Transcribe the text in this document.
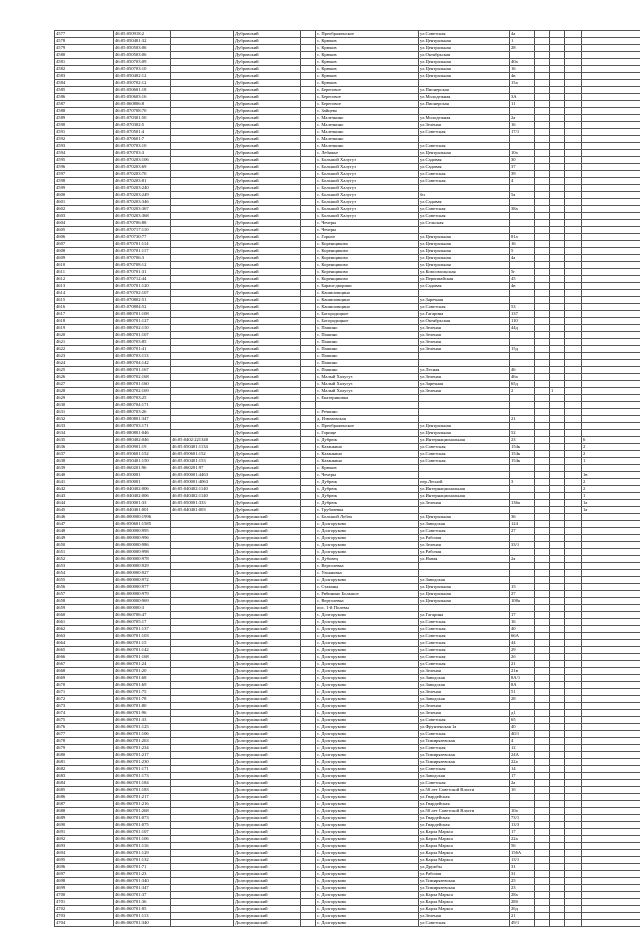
4577	46:05:050918:2		Дубровский		с. Преображенское	ул.Советская	4а				
4578	46:05:050401:32		Дубровский		с. Крюков	ул.Центральная	1				
4579	46:05:050503:06		Дубровский		с. Крюков	ул.Центральная	28				
4580	46:05:050503:06		Дубровский		с. Крюков	ул.Октябрьская					
4581	46:05:050703:09		Дубровский		с. Крюков	ул.Центральная	40а				
4582	46:05:050703:10		Дубровский		с. Крюков	ул.Центральная	16				
4583	46:05:050402:12		Дубровский		с. Крюков	ул.Центральная	4в				
4584	46:05:050702:12		Дубровский		с. Крюков		15а				
4585	46:05:050601:18		Дубровский		с. Береговое	ул.Пионерская					
4586	46:05:050603:16		Дубровский		с. Береговое	ул.Молодежная	3А				
4587	46:05:060806:8		Дубровский		с. Береговое	ул.Пионерская	11				
4588	46:05:070708:70		Дубровский		с. Зайцево						
4589	46:05:070301:50		Дубровский		с. Малечкино	ул.Молодежная	2а				
4590	46:05:070302:5		Дубровский		с. Малечкино	ул.Зеленая	16				
4591	46:05:070501:4		Дубровский		с. Малечкино	ул.Советская	17/1				
4592	46:05:070601:7		Дубровский		с. Малечкино						
4593	46:05:070703:10		Дубровский		с. Малечкино	ул.Советская					
4594	46:05:070703:3		Дубровский		с. Лебяжье	ул.Центральная	10а				
4595	46:05:070203:106		Дубровский		с. Большой Халугуз	ул.Садовая	30				
4596	46:05:070203:69		Дубровский		с. Большой Халугуз	ул.Садовая	37				
4597	46:05:070203:70		Дубровский		с. Большой Халугуз	ул.Советская	39				
4598	46:05:070203:81		Дубровский		с. Большой Халугуз	ул.Советская	4				
4599	46:05:070203:240		Дубровский		с. Большой Халугуз						
4600	46:05:070203:249		Дубровский		с. Большой Халугуз	бп	5а				
4601	46:05:070203:346		Дубровский		с. Большой Халугуз	ул.Садовая					
4602	46:05:070203:367		Дубровский		с. Большой Халугуз	ул.Советская	38а				
4603	46:05:070203:368		Дубровский		с. Большой Халугуз	ул.Советская					
4604	46:05:070706:88		Дубровский		с. Чечеры	ул.Сельская					
4605	46:05:070717:110		Дубровский		с. Чечеры						
4606	46:05:070730:77		Дубровский		с. Горное	ул.Центральная	81а				
4607	46:05:070701:114		Дубровский		с. Коренщиково	ул.Центральная	16				
4608	46:05:070701:117		Дубровский		с. Коренщиково	ул.Центральная	5				
4609	46:05:070706:3		Дубровский		с. Коренщиково	ул.Центральная	4а				
4610	46:05:070708:12		Дубровский		с. Коренщиково	ул.Центральная					
4611	46:05:070701:31		Дубровский		с. Коренщиково	ул.Комсомольская	5г				
4612	46:05:070712:44		Дубровский		с. Коренщиково	ул.Первомайская	45				
4613	46:05:070701:120		Дубровский		с. Бараш-дворики	ул.Садовая	4в				
4614	46:05:070702:107		Дубровский		с. Кашиповщино						
4615	46:05:070802:51		Дубровский		с. Кашиповщино	ул.Заречная					
4616	46:05:070804:52		Дубровский		с. Кашиповщино	ул.Советская	53				
4617	46:05:080701:108		Дубровский		с. Богородицкое	ул.Гагарина	137				
4618	46:05:080701:127		Дубровский		с. Богородицкое	ул.Октябрьская	110				
4619	46:05:080702:110		Дубровский		с. Пашино	ул.Зеленая	44д				
4620	46:05:080701:107		Дубровский		с. Пашино	ул.Зеленая					
4621	46:05:080703:85		Дубровский		с. Пашино	ул.Зеленая					
4622	46:05:080701:41		Дубровский		с. Пашино	ул.Зеленая	15д				
4623	46:05:080703:113		Дубровский		с. Пашино						
4624	46:05:080704:142		Дубровский		с. Пашино						
4625	46:05:080701:167		Дубровский		с. Пашино	ул.Лесная	46				
4626	46:05:080702:168		Дубровский		с. Малый Халугуз	ул.Зеленая	46а				
4627	46:05:080701:160		Дубровский		с. Малый Халугуз	ул.Заречная	65д				
4628	46:05:080702:169		Дубровский		с. Малый Халугуз	ул.Зеленая	2		1		
4629	46:05:080703:25		Дубровский		с. Екатериновка						
4630	46:05:080704:171		Дубровский								
4631	46:05:080703:26		Дубровский		с. Речкино						
4632	46:05:080801:347		Дубровский		д. Изюмовская		21				
4633	46:05:080703:171		Дубровский		с. Преображенское	ул.Центральная					
4634	46:05:080801:046		Дубровский		с. Горище	ул.Центральная	52				
4635	46:05:080402:046	46:05:0402:221340	Дубровский		с. Дубрюк	ул.Интернациональная	23				6
4636	46:05:050901:19	46:05:050401:1134	Дубровский		с. Казанкино	ул.Советская	154к				2
4637	46:05:050601:152	46:05:050601:152	Дубровский		с. Казанкино	ул.Советская	154к				2
4638	46:05:050401:150	46:05:050401:153	Дубровский		с. Казанкино	ул.Советская	154к				1
4639	46:05:060201:96	46:05:060201:97	Дубровский		с. Крюков						
4640	46:05:050001	46:05:050001:4463	Дубровский		с. Чечеры						1в
4641	46:05:050001	46:05:050001:4063	Дубровский		с. Дубрюк	пер.Лесной	3				2
4642	46:05:040402:006	46:05:040402:1140	Дубровский		с. Дубрюк	ул.Интернациональная					2
4643	46:05:040402:006	46:05:040402:1140	Дубровский		с. Дубрюк	ул.Интернациональная					1
4644	46:05:050001:33	46:05:050001:333	Дубровский		с. Дубрюк	ул.Зеленая	136а				1а
4645	46:05:040401:001	46:05:040401:003	Дубровский		с. Трубачевка						1а
4646	46:06:000000:1996		Долгорукинский		с. Большой Лобач	ул.Центральная	36				
4647	46:06:050601:1585		Долгорукинский		с. Долгоруково	ул.Заводская	124				
4648	46:06:000000:995		Долгорукинский		с. Долгоруково	ул.Советская	27				
4649	46:06:000000:996		Долгорукинский		с. Долгоруково	ул.Рабочая					
4650	46:06:000000:986		Долгорукинский		с. Долгоруково	ул.Зеленая	33/1				
4651	46:06:000000:998		Долгорукинский		с. Долгоруково	ул.Рабочая					
4652	46:06:000000:978		Долгорукинский		с. Дубовец	ул.Новая	2а				
4653	46:06:000000:929		Долгорукинский		с. Вертолевка						
4654	46:06:000000:927		Долгорукинский		с. Ульяновка						
4655	46:06:000000:972		Долгорукинский		с. Долгоруково	ул.Заводская					
4656	46:06:000000:977		Долгорукинский		с. Стаканы	ул.Центральная	15				
4657	46:06:000000:979		Долгорукинский		с. Рябинино Большое	ул.Центральная	27				
4658	46:06:000000:969		Долгорукинский		с. Вертолевка	ул.Центральная	108а				
4659	46:06:000000:3		Долгорукинский		пос. 1-й Полевы						
4660	46:06:060706:47		Долгорукинский		с. Долгоруково	ул.Гагарина	17				
4661	46:06:060705:17		Долгорукинский		с. Долгоруково	ул.Советская	16				
4662	46:06:060701:137		Долгорукинский		с. Долгоруково	ул.Советская	40				
4663	46:06:060701:103		Долгорукинский		с. Долгоруково	ул.Советская	66А				
4664	46:06:060701:15		Долгорукинский		с. Долгоруково	ул.Советская	44				
4665	46:06:060701:142		Долгорукинский		с. Долгоруково	ул.Советская	29				
4666	46:06:060701:168		Долгорукинский		с. Долгоруково	ул.Советская	2б				
4667	46:06:060701:24		Долгорукинский		с. Долгоруково	ул.Советская	21				
4668	46:06:060701:20		Долгорукинский		с. Долгоруково	ул.Зеленая	21в				
4669	46:06:060701:68		Долгорукинский		с. Долгоруково	ул.Заводская	8А/1				
4670	46:06:060701:69		Долгорукинский		с. Долгоруково	ул.Заводская	8А				
4671	46:06:060701:75		Долгорукинский		с. Долгоруково	ул.Зеленая	51				
4672	46:06:060701:78		Долгорукинский		с. Долгоруково	ул.Заводская	28				
4673	46:06:060701:80		Долгорукинский		с. Долгоруково	ул.Зеленая					
4674	46:06:060701:96		Долгорукинский		с. Долгоруково	ул.Зеленая	д1				
4675	46:06:060701:33		Долгорукинский		с. Долгоруково	ул.Советская	65				
4676	46:06:060701:125		Долгорукинский		с. Долгоруково	ул.Фрунзенская 1а	40				
4677	46:06:060701:106		Долгорукинский		с. Долгоруково	ул.Советская	40/1				
4678	46:06:060701:263		Долгорукинский		с. Долгоруково	ул.Тимирязевская	4				
4679	46:06:060701:234		Долгорукинский		с. Долгоруково	ул.Советская	12				
4680	46:06:060701:217		Долгорукинский		с. Долгоруково	ул.Тимирязевская	24А				
4681	46:06:060701:230		Долгорукинский		с. Долгоруково	ул.Тимирязевская	22а				
4682	46:06:060701:171		Долгорукинский		с. Долгоруково	ул.Советская	14				
4683	46:06:060701:173		Долгорукинский		с. Долгоруково	ул.Заводская	17				
4684	46:06:060701:184		Долгорукинский		с. Долгоруково	ул.Советская	2а				
4685	46:06:060701:183		Долгорукинский		с. Долгоруково	ул.50 лет Советской Власти	1б				
4686	46:06:060701:217		Долгорукинский		с. Долгоруково	ул.Гвардейская					
4687	46:06:060701:216		Долгорукинский		с. Долгоруково	ул.Гвардейская					
4688	46:06:060701:268		Долгорукинский		с. Долгоруково	ул.50 лет Советской Власти	10а				
4689	46:06:060701:073		Долгорукинский		с. Долгоруково	ул.Гвардейская	73/1				
4690	46:06:060701:075		Долгорукинский		с. Долгоруково	ул.Гвардейская	13/3				
4691	46:06:060701:107		Долгорукинский		с. Долгоруково	ул.Карла Маркса	17				
4692	46:06:060701:106		Долгорукинский		с. Долгоруково	ул.Карла Маркса	22а				
4693	46:06:060701:116		Долгорукинский		с. Долгоруково	ул.Карла Маркса	56				
4694	46:06:060701:129		Долгорукинский		с. Долгоруково	ул.Карла Маркса	156А				
4695	46:06:060701:132		Долгорукинский		с. Долгоруково	ул.Карла Маркса	13/1				
4696	46:06:060701:71		Долгорукинский		с. Долгоруково	ул.Дружбы	31				
4697	46:06:060701:23		Долгорукинский		с. Долгоруково	ул.Рабочая	31				
4698	46:06:060701:340		Долгорукинский		с. Долгоруково	ул.Тимирязевская	25				
4699	46:06:060701:347		Долгорукинский		с. Долгоруково	ул.Тимирязевская	23				
4700	46:06:060701:37		Долгорукинский		с. Долгоруково	ул.Карла Маркса	28а				
4701	46:06:060701:36		Долгорукинский		с. Долгоруково	ул.Карла Маркса	28б				
4702	46:06:060701:85		Долгорукинский		с. Долгоруково	ул.Карла Маркса	26д				
4703	46:06:060701:113		Долгорукинский		с. Долгоруково	ул.Зеленая	21				
4704	46:06:060701:340		Долгорукинский		с. Долгоруково	ул.Советская	49/1				
